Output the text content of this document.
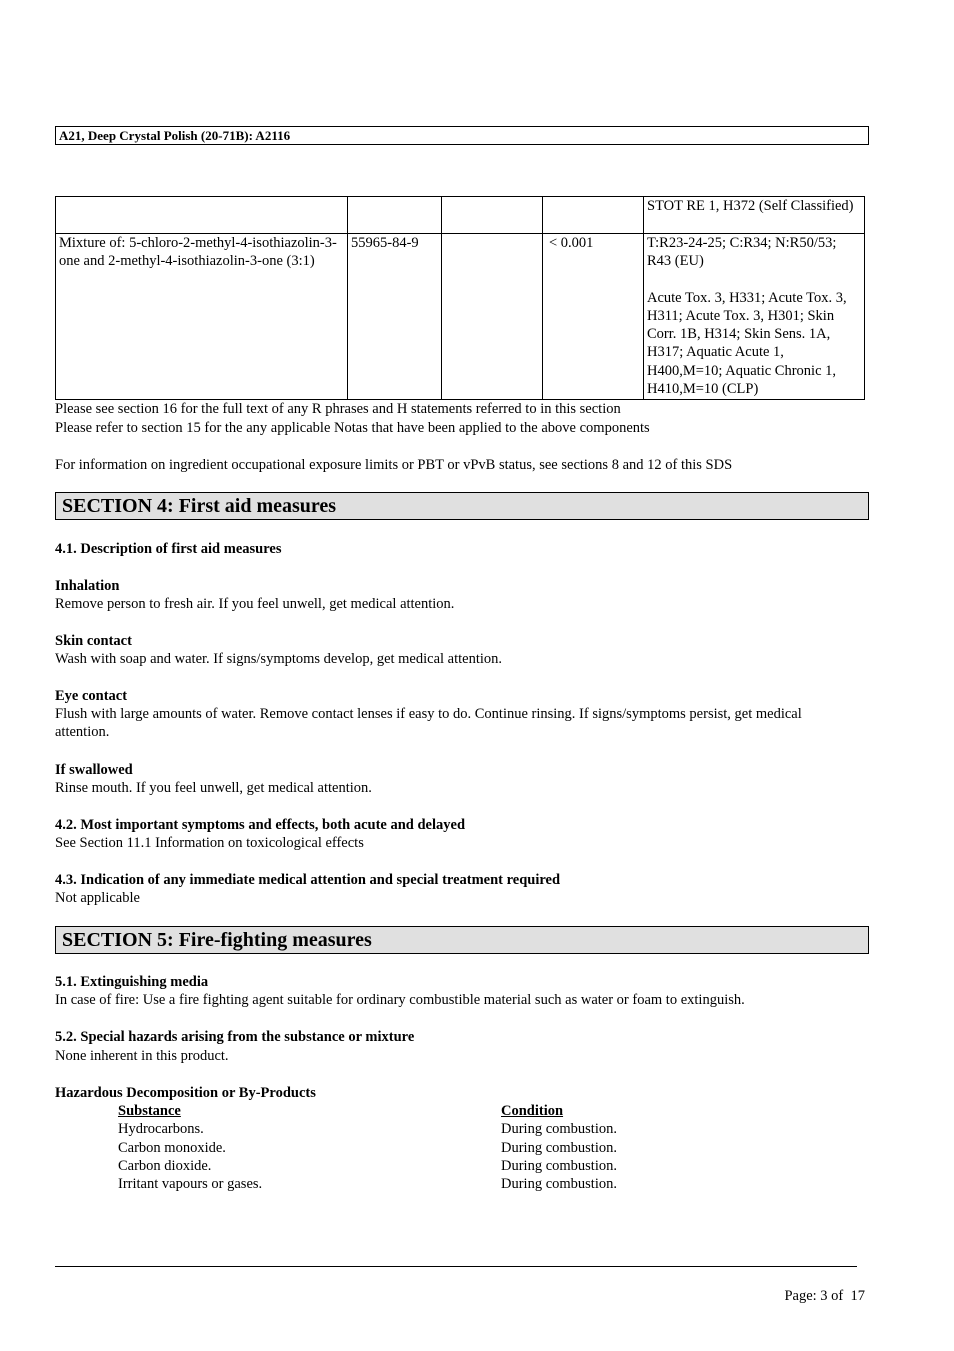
A21, Deep Crystal Polish (20-71B): A2116

				STOT RE 1, H372 (Self Classified)

Mixture of: 5-chloro-2-methyl-4-isothiazolin-3-one and 2-methyl-4-isothiazolin-3-one (3:1)	55965-84-9		< 0.001	T:R23-24-25; C:R34; N:R50/53; R43 (EU)
Acute Tox. 3, H331; Acute Tox. 3, H311; Acute Tox. 3, H301; Skin Corr. 1B, H314; Skin Sens. 1A, H317; Aquatic Acute 1, H400,M=10; Aquatic Chronic 1, H410,M=10 (CLP)
Please see section 16 for the full text of any R phrases and H statements referred to in this section
Please refer to section 15 for the any applicable Notas that have been applied to the above components
For information on ingredient occupational exposure limits or PBT or vPvB status, see sections 8 and 12 of this SDS
SECTION 4: First aid measures
4.1. Description of first aid measures
Inhalation
Remove person to fresh air. If you feel unwell, get medical attention.
Skin contact
Wash with soap and water. If signs/symptoms develop, get medical attention.
Eye contact
Flush with large amounts of water. Remove contact lenses if easy to do. Continue rinsing. If signs/symptoms persist, get medical attention.
If swallowed
Rinse mouth. If you feel unwell, get medical attention.
4.2. Most important symptoms and effects, both acute and delayed
See Section 11.1 Information on toxicological effects
4.3. Indication of any immediate medical attention and special treatment required
Not applicable
SECTION 5: Fire-fighting measures
5.1. Extinguishing media
In case of fire: Use a fire fighting agent suitable for ordinary combustible material such as water or foam to extinguish.
5.2. Special hazards arising from the substance or mixture
None inherent in this product.
Hazardous Decomposition or By-Products
Substance	Condition
Hydrocarbons.	During combustion.
Carbon monoxide.	During combustion.
Carbon dioxide.	During combustion.
Irritant vapours or gases.	During combustion.
Page: 3 of  17
